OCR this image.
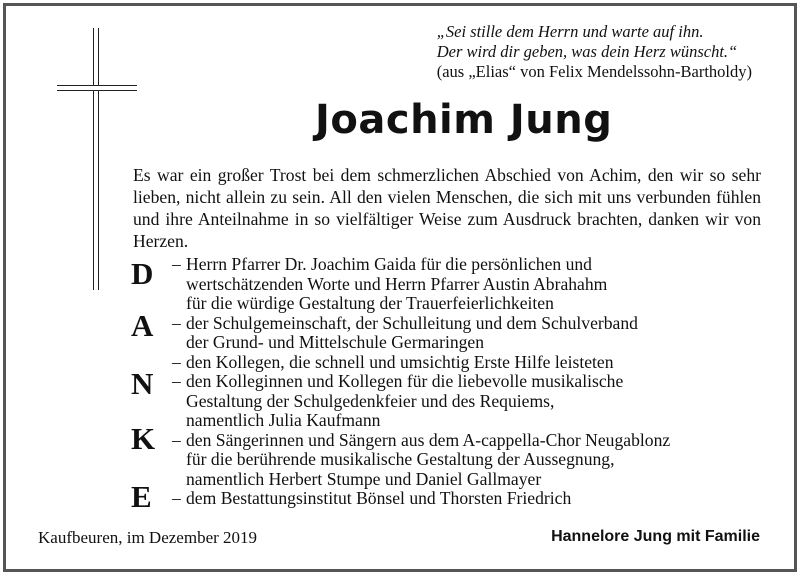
„Sei stille dem Herrn und warte auf ihn.
Der wird dir geben, was dein Herz wünscht.“
(aus „Elias“ von Felix Mendelssohn-Bartholdy)
Joachim Jung
Es war ein großer Trost bei dem schmerzlichen Abschied von Achim, den wir so sehr lieben, nicht allein zu sein. All den vielen Menschen, die sich mit uns verbunden fühlen und ihre Anteilnahme in so vielfältiger Weise zum Ausdruck brachten, danken wir von Herzen.
D
A
N
K
E
– Herrn Pfarrer Dr. Joachim Gaida für die persönlichen und
wertschätzenden Worte und Herrn Pfarrer Austin Abrahahm
für die würdige Gestaltung der Trauerfeierlichkeiten
– der Schulgemeinschaft, der Schulleitung und dem Schulverband
der Grund- und Mittelschule Germaringen
– den Kollegen, die schnell und umsichtig Erste Hilfe leisteten
– den Kolleginnen und Kollegen für die liebevolle musikalische
Gestaltung der Schulgedenkfeier und des Requiems,
namentlich Julia Kaufmann
– den Sängerinnen und Sängern aus dem A-cappella-Chor Neugablonz
für die berührende musikalische Gestaltung der Aussegnung,
namentlich Herbert Stumpe und Daniel Gallmayer
– dem Bestattungsinstitut Bönsel und Thorsten Friedrich
Kaufbeuren, im Dezember 2019	Hannelore Jung mit Familie
